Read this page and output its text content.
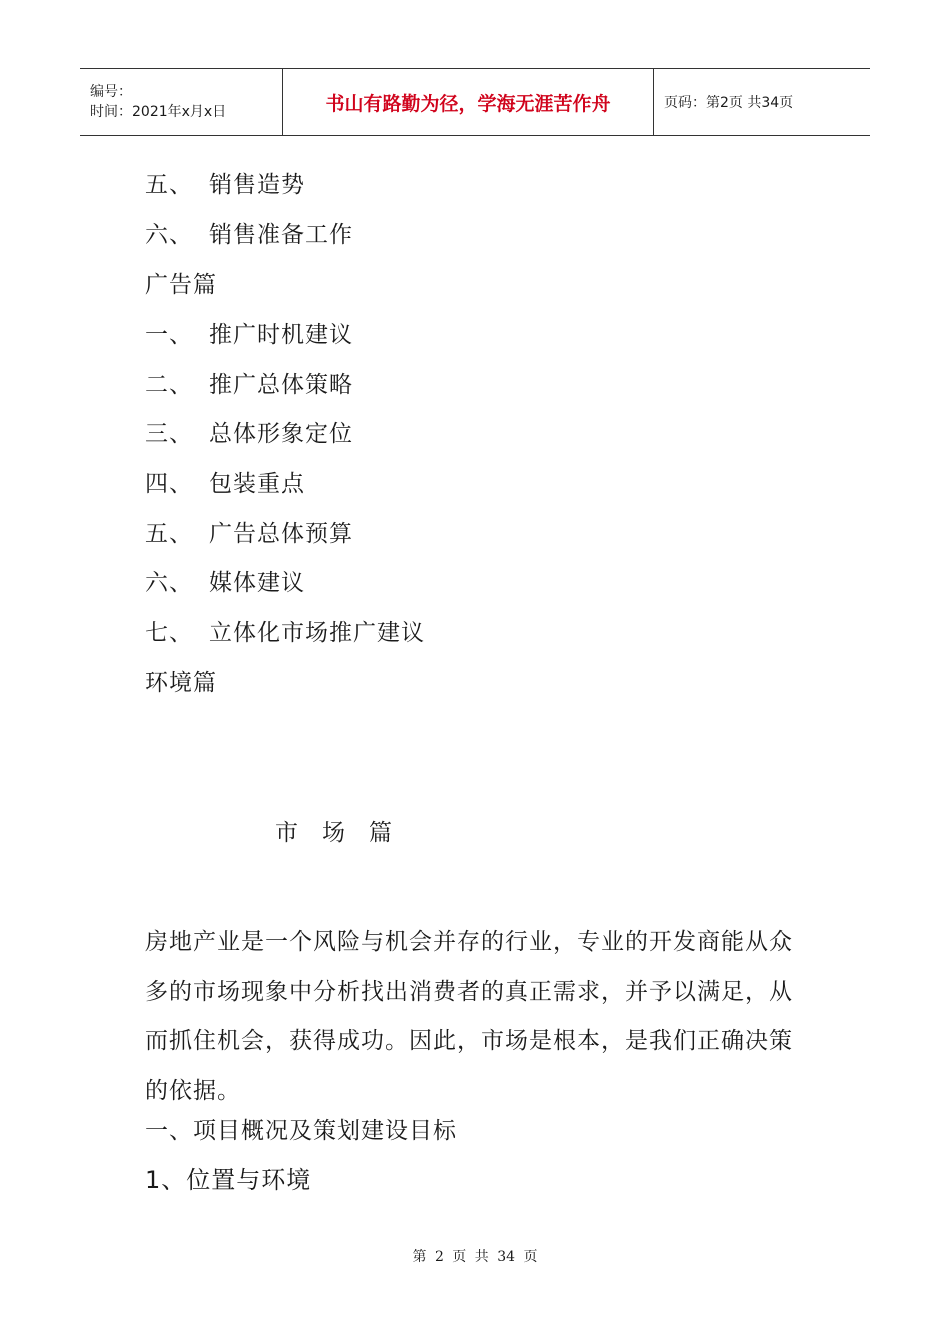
编号：
时间：2021年x月x日	书山有路勤为径，学海无涯苦作舟	页码：第2页 共34页
五、 销售造势
六、 销售准备工作
广告篇
一、 推广时机建议
二、 推广总体策略
三、 总体形象定位
四、 包装重点
五、 广告总体预算
六、 媒体建议
七、 立体化市场推广建议
环境篇
市 场 篇
房地产业是一个风险与机会并存的行业，专业的开发商能从众多的市场现象中分析找出消费者的真正需求，并予以满足，从而抓住机会，获得成功。因此，市场是根本，是我们正确决策的依据。
一、项目概况及策划建设目标
1、位置与环境
第 2 页 共 34 页
